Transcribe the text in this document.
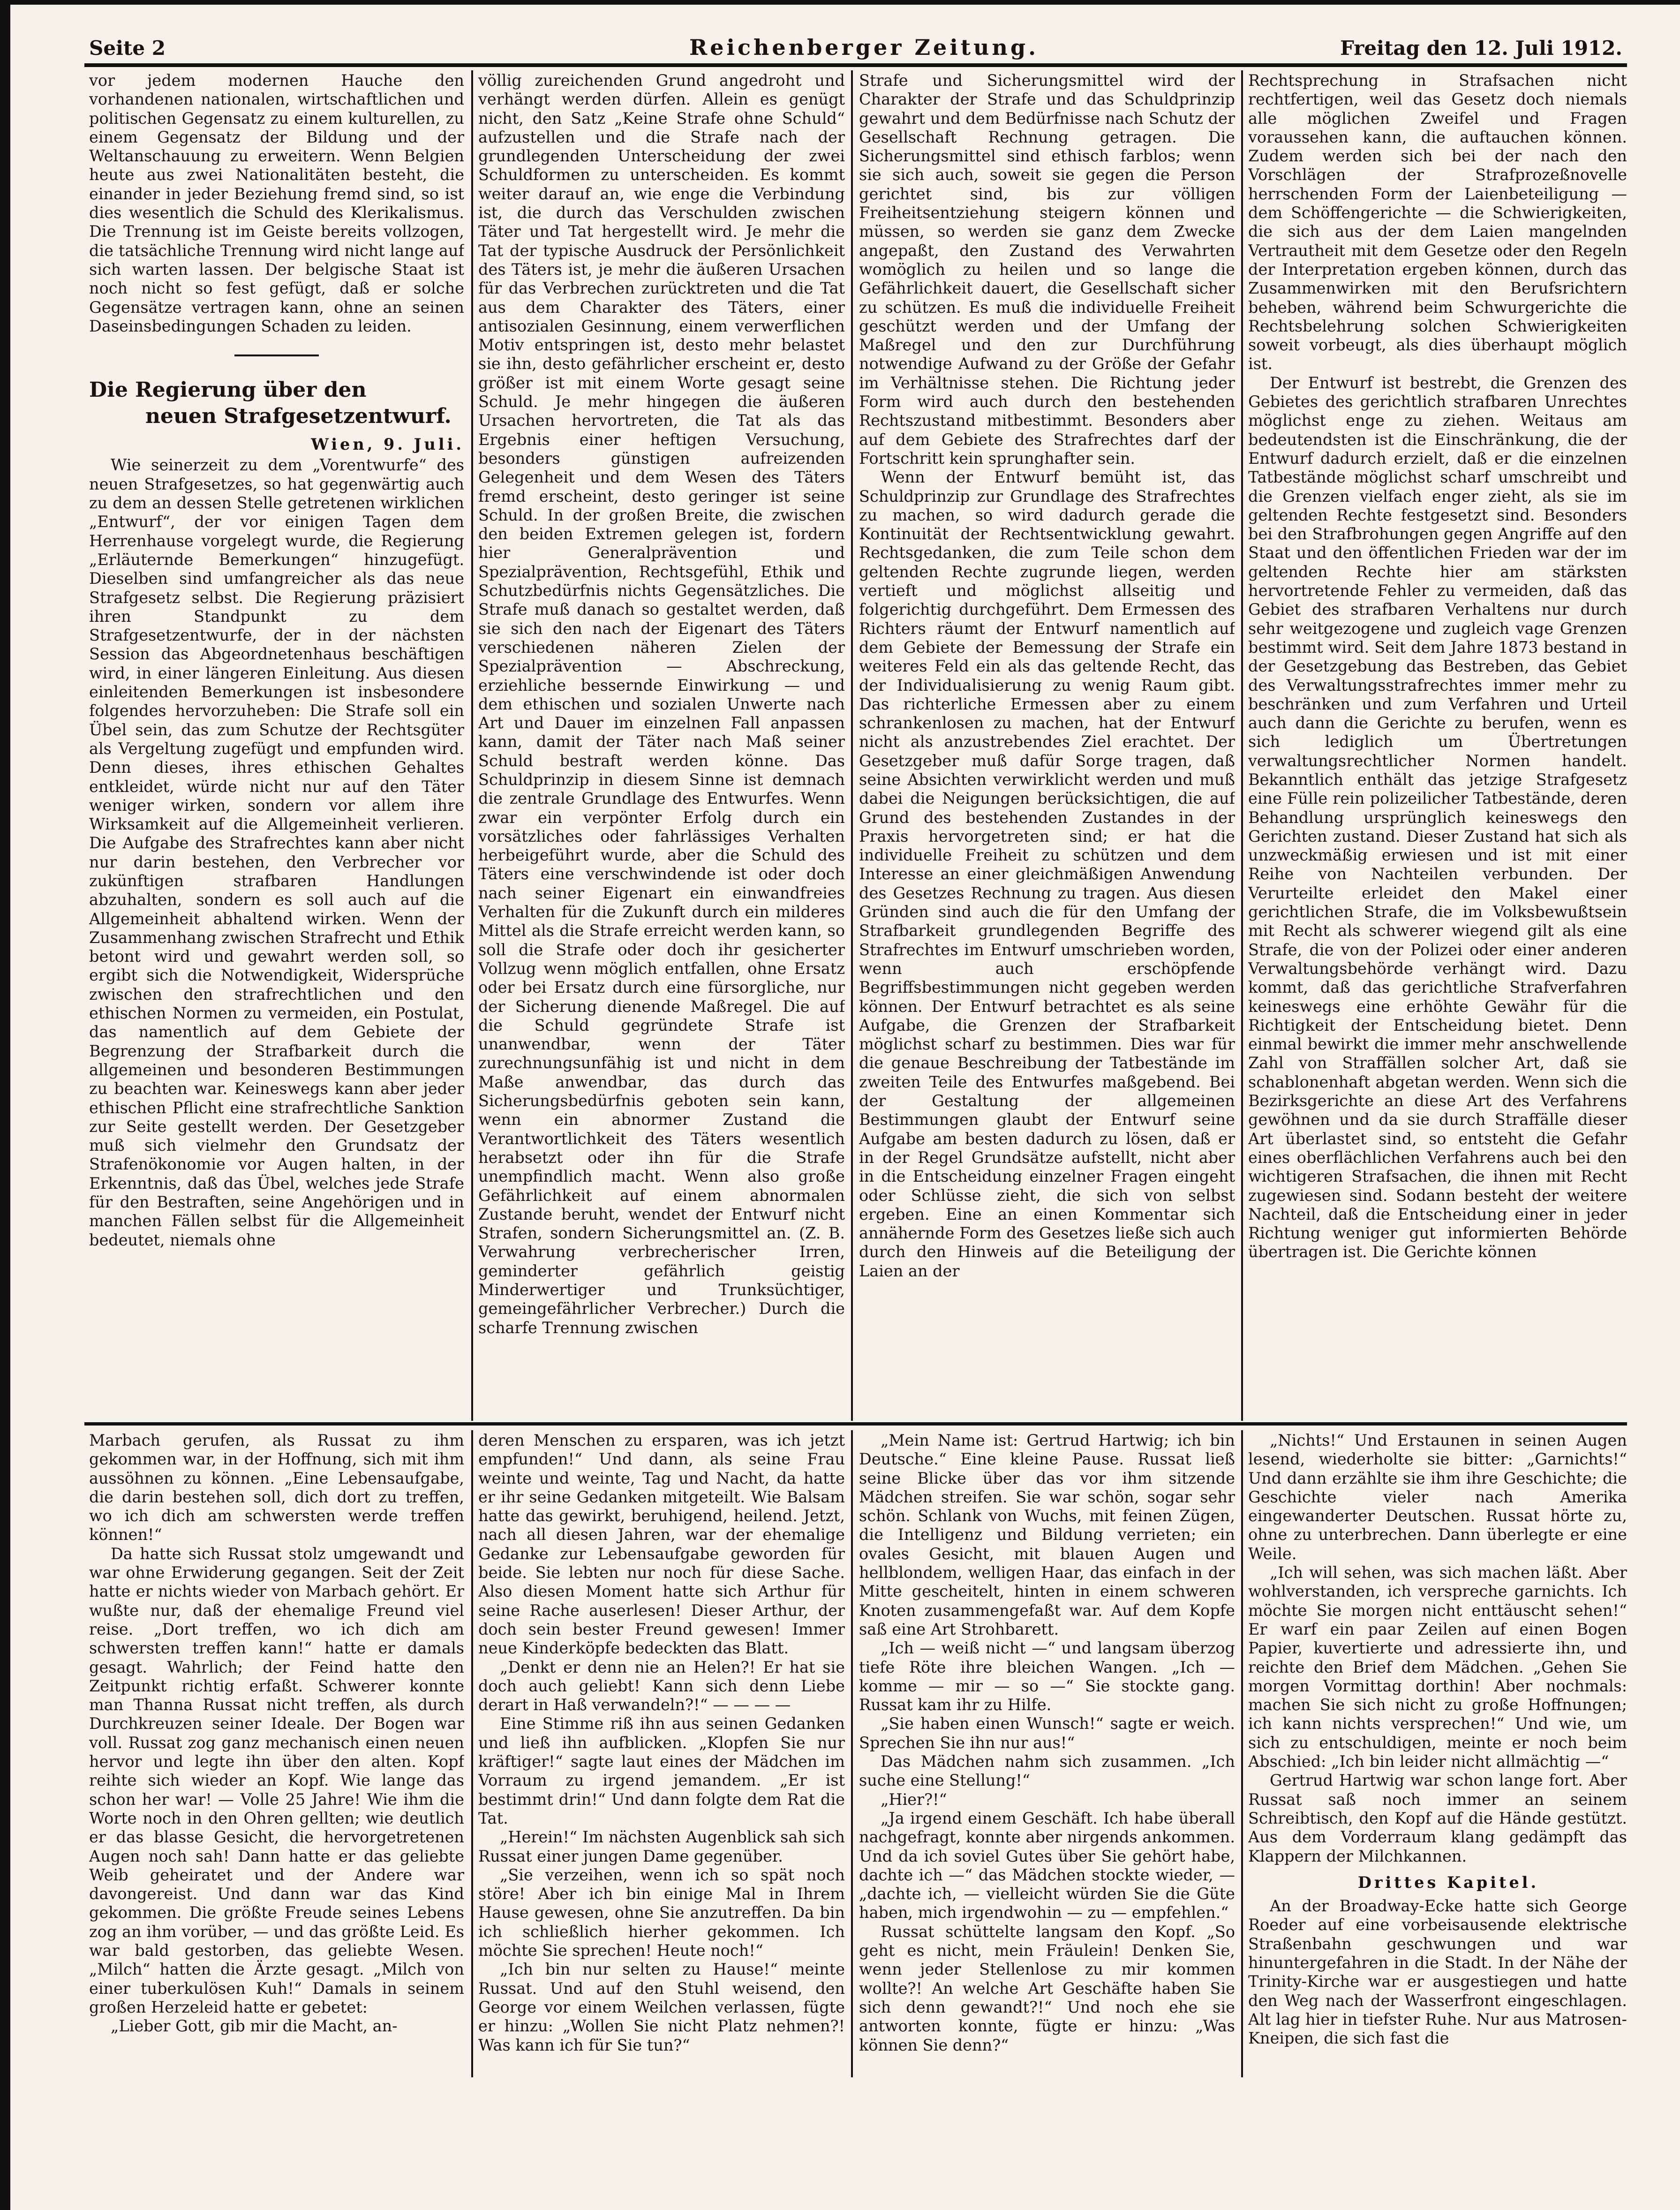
Seite 2	Reichenberger Zeitung.	Freitag den 12. Juli 1912.

vor jedem modernen Hauche den vorhandenen nationalen, wirtschaftlichen und politischen Gegensatz zu einem kulturellen, zu einem Gegensatz der Bildung und der Weltanschauung zu erweitern. Wenn Belgien heute aus zwei Nationalitäten besteht, die einander in jeder Beziehung fremd sind, so ist dies wesentlich die Schuld des Klerikalismus. Die Trennung ist im Geiste bereits vollzogen, die tatsächliche Trennung wird nicht lange auf sich warten lassen. Der belgische Staat ist noch nicht so fest gefügt, daß er solche Gegensätze vertragen kann, ohne an seinen Daseinsbedingungen Schaden zu leiden.

Die Regierung über den
neuen Strafgesetzentwurf.

Wien, 9. Juli.

Wie seinerzeit zu dem „Vorentwurfe“ des neuen Strafgesetzes, so hat gegenwärtig auch zu dem an dessen Stelle getretenen wirklichen „Entwurf“, der vor einigen Tagen dem Herrenhause vorgelegt wurde, die Regierung „Erläuternde Bemerkungen“ hinzugefügt. Dieselben sind umfangreicher als das neue Strafgesetz selbst. Die Regierung präzisiert ihren Standpunkt zu dem Strafgesetzentwurfe, der in der nächsten Session das Abgeordnetenhaus beschäftigen wird, in einer längeren Einleitung. Aus diesen einleitenden Bemerkungen ist insbesondere folgendes hervorzuheben: Die Strafe soll ein Übel sein, das zum Schutze der Rechtsgüter als Vergeltung zugefügt und empfunden wird. Denn dieses, ihres ethischen Gehaltes entkleidet, würde nicht nur auf den Täter weniger wirken, sondern vor allem ihre Wirksamkeit auf die Allgemeinheit verlieren. Die Aufgabe des Strafrechtes kann aber nicht nur darin bestehen, den Verbrecher vor zukünftigen strafbaren Handlungen abzuhalten, sondern es soll auch auf die Allgemeinheit abhaltend wirken. Wenn der Zusammenhang zwischen Strafrecht und Ethik betont wird und gewahrt werden soll, so ergibt sich die Notwendigkeit, Widersprüche zwischen den strafrechtlichen und den ethischen Normen zu vermeiden, ein Postulat, das namentlich auf dem Gebiete der Begrenzung der Strafbarkeit durch die allgemeinen und besonderen Bestimmungen zu beachten war. Keineswegs kann aber jeder ethischen Pflicht eine strafrechtliche Sanktion zur Seite gestellt werden. Der Gesetzgeber muß sich vielmehr den Grundsatz der Strafenökonomie vor Augen halten, in der Erkenntnis, daß das Übel, welches jede Strafe für den Bestraften, seine Angehörigen und in manchen Fällen selbst für die Allgemeinheit bedeutet, niemals ohne

völlig zureichenden Grund angedroht und verhängt werden dürfen. Allein es genügt nicht, den Satz „Keine Strafe ohne Schuld“ aufzustellen und die Strafe nach der grundlegenden Unterscheidung der zwei Schuldformen zu unterscheiden. Es kommt weiter darauf an, wie enge die Verbindung ist, die durch das Verschulden zwischen Täter und Tat hergestellt wird. Je mehr die Tat der typische Ausdruck der Persönlichkeit des Täters ist, je mehr die äußeren Ursachen für das Verbrechen zurücktreten und die Tat aus dem Charakter des Täters, einer antisozialen Gesinnung, einem verwerflichen Motiv entspringen ist, desto mehr belastet sie ihn, desto gefährlicher erscheint er, desto größer ist mit einem Worte gesagt seine Schuld. Je mehr hingegen die äußeren Ursachen hervortreten, die Tat als das Ergebnis einer heftigen Versuchung, besonders günstigen aufreizenden Gelegenheit und dem Wesen des Täters fremd erscheint, desto geringer ist seine Schuld. In der großen Breite, die zwischen den beiden Extremen gelegen ist, fordern hier Generalprävention und Spezialprävention, Rechtsgefühl, Ethik und Schutzbedürfnis nichts Gegensätzliches. Die Strafe muß danach so gestaltet werden, daß sie sich den nach der Eigenart des Täters verschiedenen näheren Zielen der Spezialprävention — Abschreckung, erziehliche bessernde Einwirkung — und dem ethischen und sozialen Unwerte nach Art und Dauer im einzelnen Fall anpassen kann, damit der Täter nach Maß seiner Schuld bestraft werden könne. Das Schuldprinzip in diesem Sinne ist demnach die zentrale Grundlage des Entwurfes. Wenn zwar ein verpönter Erfolg durch ein vorsätzliches oder fahrlässiges Verhalten herbeigeführt wurde, aber die Schuld des Täters eine verschwindende ist oder doch nach seiner Eigenart ein einwandfreies Verhalten für die Zukunft durch ein milderes Mittel als die Strafe erreicht werden kann, so soll die Strafe oder doch ihr gesicherter Vollzug wenn möglich entfallen, ohne Ersatz oder bei Ersatz durch eine fürsorgliche, nur der Sicherung dienende Maßregel. Die auf die Schuld gegründete Strafe ist unanwendbar, wenn der Täter zurechnungsunfähig ist und nicht in dem Maße anwendbar, das durch das Sicherungsbedürfnis geboten sein kann, wenn ein abnormer Zustand die Verantwortlichkeit des Täters wesentlich herabsetzt oder ihn für die Strafe unempfindlich macht. Wenn also große Gefährlichkeit auf einem abnormalen Zustande beruht, wendet der Entwurf nicht Strafen, sondern Sicherungsmittel an. (Z. B. Verwahrung verbrecherischer Irren, geminderter gefährlich geistig Minderwertiger und Trunksüchtiger, gemeingefährlicher Verbrecher.) Durch die scharfe Trennung zwischen

Strafe und Sicherungsmittel wird der Charakter der Strafe und das Schuldprinzip gewahrt und dem Bedürfnisse nach Schutz der Gesellschaft Rechnung getragen. Die Sicherungsmittel sind ethisch farblos; wenn sie sich auch, soweit sie gegen die Person gerichtet sind, bis zur völligen Freiheitsentziehung steigern können und müssen, so werden sie ganz dem Zwecke angepaßt, den Zustand des Verwahrten womöglich zu heilen und so lange die Gefährlichkeit dauert, die Gesellschaft sicher zu schützen. Es muß die individuelle Freiheit geschützt werden und der Umfang der Maßregel und den zur Durchführung notwendige Aufwand zu der Größe der Gefahr im Verhältnisse stehen. Die Richtung jeder Form wird auch durch den bestehenden Rechtszustand mitbestimmt. Besonders aber auf dem Gebiete des Strafrechtes darf der Fortschritt kein sprunghafter sein.

Wenn der Entwurf bemüht ist, das Schuldprinzip zur Grundlage des Strafrechtes zu machen, so wird dadurch gerade die Kontinuität der Rechtsentwicklung gewahrt. Rechtsgedanken, die zum Teile schon dem geltenden Rechte zugrunde liegen, werden vertieft und möglichst allseitig und folgerichtig durchgeführt. Dem Ermessen des Richters räumt der Entwurf namentlich auf dem Gebiete der Bemessung der Strafe ein weiteres Feld ein als das geltende Recht, das der Individualisierung zu wenig Raum gibt. Das richterliche Ermessen aber zu einem schrankenlosen zu machen, hat der Entwurf nicht als anzustrebendes Ziel erachtet. Der Gesetzgeber muß dafür Sorge tragen, daß seine Absichten verwirklicht werden und muß dabei die Neigungen berücksichtigen, die auf Grund des bestehenden Zustandes in der Praxis hervorgetreten sind; er hat die individuelle Freiheit zu schützen und dem Interesse an einer gleichmäßigen Anwendung des Gesetzes Rechnung zu tragen. Aus diesen Gründen sind auch die für den Umfang der Strafbarkeit grundlegenden Begriffe des Strafrechtes im Entwurf umschrieben worden, wenn auch erschöpfende Begriffsbestimmungen nicht gegeben werden können. Der Entwurf betrachtet es als seine Aufgabe, die Grenzen der Strafbarkeit möglichst scharf zu bestimmen. Dies war für die genaue Beschreibung der Tatbestände im zweiten Teile des Entwurfes maßgebend. Bei der Gestaltung der allgemeinen Bestimmungen glaubt der Entwurf seine Aufgabe am besten dadurch zu lösen, daß er in der Regel Grundsätze aufstellt, nicht aber in die Entscheidung einzelner Fragen eingeht oder Schlüsse zieht, die sich von selbst ergeben. Eine an einen Kommentar sich annähernde Form des Gesetzes ließe sich auch durch den Hinweis auf die Beteiligung der Laien an der

Rechtsprechung in Strafsachen nicht rechtfertigen, weil das Gesetz doch niemals alle möglichen Zweifel und Fragen voraussehen kann, die auftauchen können. Zudem werden sich bei der nach den Vorschlägen der Strafprozeßnovelle herrschenden Form der Laienbeteiligung — dem Schöffengerichte — die Schwierigkeiten, die sich aus der dem Laien mangelnden Vertrautheit mit dem Gesetze oder den Regeln der Interpretation ergeben können, durch das Zusammenwirken mit den Berufsrichtern beheben, während beim Schwurgerichte die Rechtsbelehrung solchen Schwierigkeiten soweit vorbeugt, als dies überhaupt möglich ist.

Der Entwurf ist bestrebt, die Grenzen des Gebietes des gerichtlich strafbaren Unrechtes möglichst enge zu ziehen. Weitaus am bedeutendsten ist die Einschränkung, die der Entwurf dadurch erzielt, daß er die einzelnen Tatbestände möglichst scharf umschreibt und die Grenzen vielfach enger zieht, als sie im geltenden Rechte festgesetzt sind. Besonders bei den Strafbrohungen gegen Angriffe auf den Staat und den öffentlichen Frieden war der im geltenden Rechte hier am stärksten hervortretende Fehler zu vermeiden, daß das Gebiet des strafbaren Verhaltens nur durch sehr weitgezogene und zugleich vage Grenzen bestimmt wird. Seit dem Jahre 1873 bestand in der Gesetzgebung das Bestreben, das Gebiet des Verwaltungsstrafrechtes immer mehr zu beschränken und zum Verfahren und Urteil auch dann die Gerichte zu berufen, wenn es sich lediglich um Übertretungen verwaltungsrechtlicher Normen handelt. Bekanntlich enthält das jetzige Strafgesetz eine Fülle rein polizeilicher Tatbestände, deren Behandlung ursprünglich keineswegs den Gerichten zustand. Dieser Zustand hat sich als unzweckmäßig erwiesen und ist mit einer Reihe von Nachteilen verbunden. Der Verurteilte erleidet den Makel einer gerichtlichen Strafe, die im Volksbewußtsein mit Recht als schwerer wiegend gilt als eine Strafe, die von der Polizei oder einer anderen Verwaltungsbehörde verhängt wird. Dazu kommt, daß das gerichtliche Strafverfahren keineswegs eine erhöhte Gewähr für die Richtigkeit der Entscheidung bietet. Denn einmal bewirkt die immer mehr anschwellende Zahl von Straffällen solcher Art, daß sie schablonenhaft abgetan werden. Wenn sich die Bezirksgerichte an diese Art des Verfahrens gewöhnen und da sie durch Straffälle dieser Art überlastet sind, so entsteht die Gefahr eines oberflächlichen Verfahrens auch bei den wichtigeren Strafsachen, die ihnen mit Recht zugewiesen sind. Sodann besteht der weitere Nachteil, daß die Entscheidung einer in jeder Richtung weniger gut informierten Behörde übertragen ist. Die Gerichte können

Marbach gerufen, als Russat zu ihm gekommen war, in der Hoffnung, sich mit ihm aussöhnen zu können. „Eine Lebensaufgabe, die darin bestehen soll, dich dort zu treffen, wo ich dich am schwersten werde treffen können!“

Da hatte sich Russat stolz umgewandt und war ohne Erwiderung gegangen. Seit der Zeit hatte er nichts wieder von Marbach gehört. Er wußte nur, daß der ehemalige Freund viel reise. „Dort treffen, wo ich dich am schwersten treffen kann!“ hatte er damals gesagt. Wahrlich; der Feind hatte den Zeitpunkt richtig erfaßt. Schwerer konnte man Thanna Russat nicht treffen, als durch Durchkreuzen seiner Ideale. Der Bogen war voll. Russat zog ganz mechanisch einen neuen hervor und legte ihn über den alten. Kopf reihte sich wieder an Kopf. Wie lange das schon her war! — Volle 25 Jahre! Wie ihm die Worte noch in den Ohren gellten; wie deutlich er das blasse Gesicht, die hervorgetretenen Augen noch sah! Dann hatte er das geliebte Weib geheiratet und der Andere war davongereist. Und dann war das Kind gekommen. Die größte Freude seines Lebens zog an ihm vorüber, — und das größte Leid. Es war bald gestorben, das geliebte Wesen. „Milch“ hatten die Ärzte gesagt. „Milch von einer tuberkulösen Kuh!“ Damals in seinem großen Herzeleid hatte er gebetet:

„Lieber Gott, gib mir die Macht, an-

deren Menschen zu ersparen, was ich jetzt empfunden!“ Und dann, als seine Frau weinte und weinte, Tag und Nacht, da hatte er ihr seine Gedanken mitgeteilt. Wie Balsam hatte das gewirkt, beruhigend, heilend. Jetzt, nach all diesen Jahren, war der ehemalige Gedanke zur Lebensaufgabe geworden für beide. Sie lebten nur noch für diese Sache. Also diesen Moment hatte sich Arthur für seine Rache auserlesen! Dieser Arthur, der doch sein bester Freund gewesen! Immer neue Kinderköpfe bedeckten das Blatt.

„Denkt er denn nie an Helen?! Er hat sie doch auch geliebt! Kann sich denn Liebe derart in Haß verwandeln?!“ — — — —

Eine Stimme riß ihn aus seinen Gedanken und ließ ihn aufblicken. „Klopfen Sie nur kräftiger!“ sagte laut eines der Mädchen im Vorraum zu irgend jemandem. „Er ist bestimmt drin!“ Und dann folgte dem Rat die Tat.

„Herein!“ Im nächsten Augenblick sah sich Russat einer jungen Dame gegenüber.

„Sie verzeihen, wenn ich so spät noch störe! Aber ich bin einige Mal in Ihrem Hause gewesen, ohne Sie anzutreffen. Da bin ich schließlich hierher gekommen. Ich möchte Sie sprechen! Heute noch!“

„Ich bin nur selten zu Hause!“ meinte Russat. Und auf den Stuhl weisend, den George vor einem Weilchen verlassen, fügte er hinzu: „Wollen Sie nicht Platz nehmen?! Was kann ich für Sie tun?“

„Mein Name ist: Gertrud Hartwig; ich bin Deutsche.“ Eine kleine Pause. Russat ließ seine Blicke über das vor ihm sitzende Mädchen streifen. Sie war schön, sogar sehr schön. Schlank von Wuchs, mit feinen Zügen, die Intelligenz und Bildung verrieten; ein ovales Gesicht, mit blauen Augen und hellblondem, welligen Haar, das einfach in der Mitte gescheitelt, hinten in einem schweren Knoten zusammengefaßt war. Auf dem Kopfe saß eine Art Strohbarett.

„Ich — weiß nicht —“ und langsam überzog tiefe Röte ihre bleichen Wangen. „Ich — komme — mir — so —“ Sie stockte gang. Russat kam ihr zu Hilfe.

„Sie haben einen Wunsch!“ sagte er weich. Sprechen Sie ihn nur aus!“

Das Mädchen nahm sich zusammen. „Ich suche eine Stellung!“

„Hier?!“

„Ja irgend einem Geschäft. Ich habe überall nachgefragt, konnte aber nirgends ankommen. Und da ich soviel Gutes über Sie gehört habe, dachte ich —“ das Mädchen stockte wieder, — „dachte ich, — vielleicht würden Sie die Güte haben, mich irgendwohin — zu — empfehlen.“

Russat schüttelte langsam den Kopf. „So geht es nicht, mein Fräulein! Denken Sie, wenn jeder Stellenlose zu mir kommen wollte?! An welche Art Geschäfte haben Sie sich denn gewandt?!“ Und noch ehe sie antworten konnte, fügte er hinzu: „Was können Sie denn?“

„Nichts!“ Und Erstaunen in seinen Augen lesend, wiederholte sie bitter: „Garnichts!“ Und dann erzählte sie ihm ihre Geschichte; die Geschichte vieler nach Amerika eingewanderter Deutschen. Russat hörte zu, ohne zu unterbrechen. Dann überlegte er eine Weile.

„Ich will sehen, was sich machen läßt. Aber wohlverstanden, ich verspreche garnichts. Ich möchte Sie morgen nicht enttäuscht sehen!“ Er warf ein paar Zeilen auf einen Bogen Papier, kuvertierte und adressierte ihn, und reichte den Brief dem Mädchen. „Gehen Sie morgen Vormittag dorthin! Aber nochmals: machen Sie sich nicht zu große Hoffnungen; ich kann nichts versprechen!“ Und wie, um sich zu entschuldigen, meinte er noch beim Abschied: „Ich bin leider nicht allmächtig —“

Gertrud Hartwig war schon lange fort. Aber Russat saß noch immer an seinem Schreibtisch, den Kopf auf die Hände gestützt. Aus dem Vorderraum klang gedämpft das Klappern der Milchkannen.

Drittes Kapitel.

An der Broadway-Ecke hatte sich George Roeder auf eine vorbeisausende elektrische Straßenbahn geschwungen und war hinuntergefahren in die Stadt. In der Nähe der Trinity-Kirche war er ausgestiegen und hatte den Weg nach der Wasserfront eingeschlagen. Alt lag hier in tiefster Ruhe. Nur aus Matrosen-Kneipen, die sich fast die
